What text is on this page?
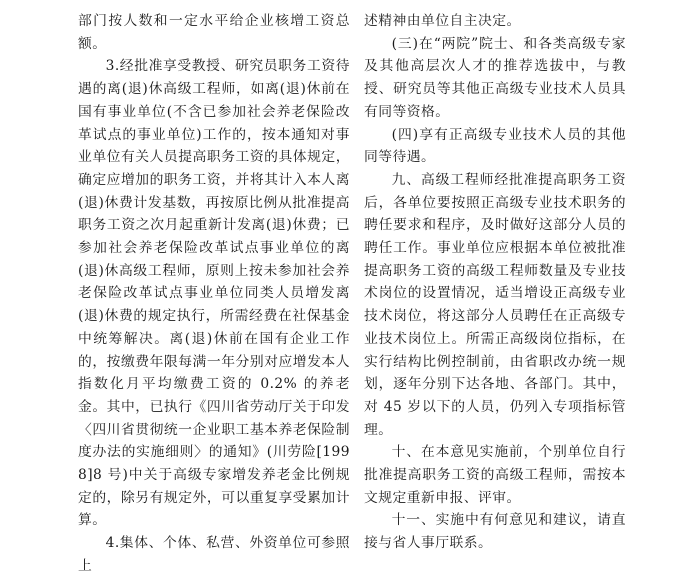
部门按人数和一定水平给企业核增工资总额。

3.经批准享受教授、研究员职务工资待遇的离(退)休高级工程师，如离(退)休前在国有事业单位(不含已参加社会养老保险改革试点的事业单位)工作的，按本通知对事业单位有关人员提高职务工资的具体规定，确定应增加的职务工资，并将其计入本人离(退)休费计发基数，再按原比例从批准提高职务工资之次月起重新计发离(退)休费；已参加社会养老保险改革试点事业单位的离(退)休高级工程师，原则上按未参加社会养老保险改革试点事业单位同类人员增发离(退)休费的规定执行，所需经费在社保基金中统筹解决。离(退)休前在国有企业工作的，按缴费年限每满一年分别对应增发本人指数化月平均缴费工资的 0.2% 的养老金。其中，已执行《四川省劳动厅关于印发〈四川省贯彻统一企业职工基本养老保险制度办法的实施细则〉的通知》(川劳险[1998]8 号)中关于高级专家增发养老金比例规定的，除另有规定外，可以重复享受累加计算。

4.集体、个体、私营、外资单位可参照上

述精神由单位自主决定。

(三)在“两院”院士、和各类高级专家及其他高层次人才的推荐选拔中，与教授、研究员等其他正高级专业技术人员具有同等资格。

(四)享有正高级专业技术人员的其他同等待遇。

九、高级工程师经批准提高职务工资后，各单位要按照正高级专业技术职务的聘任要求和程序，及时做好这部分人员的聘任工作。事业单位应根据本单位被批准提高职务工资的高级工程师数量及专业技术岗位的设置情况，适当增设正高级专业技术岗位，将这部分人员聘任在正高级专业技术岗位上。所需正高级岗位指标，在实行结构比例控制前，由省职改办统一规划，逐年分别下达各地、各部门。其中，对 45 岁以下的人员，仍列入专项指标管理。

十、在本意见实施前，个别单位自行批准提高职务工资的高级工程师，需按本文规定重新申报、评审。

十一、实施中有何意见和建议，请直接与省人事厅联系。
